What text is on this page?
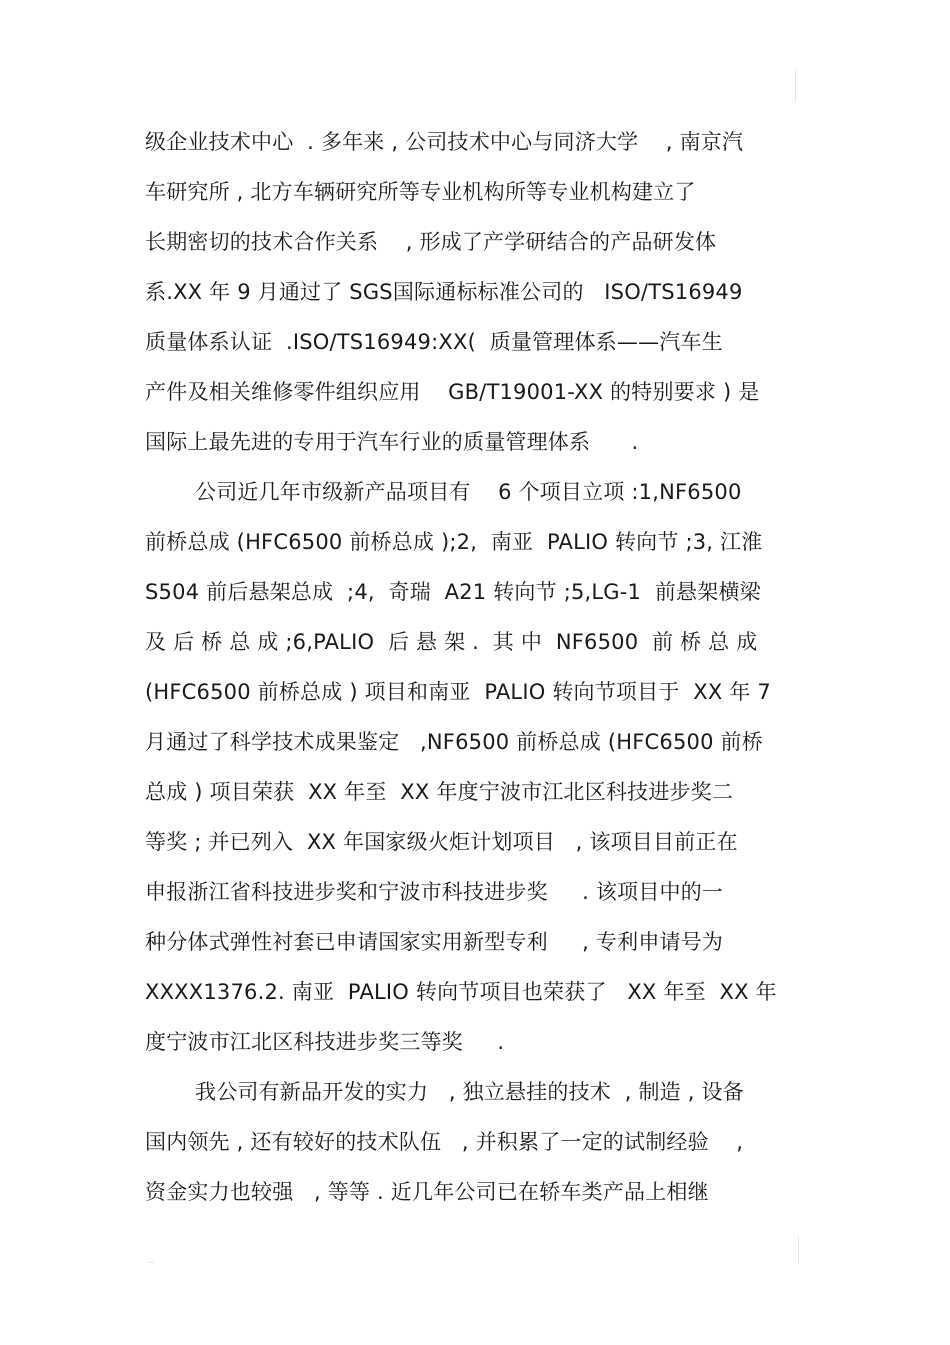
级企业技术中心  . 多年来 , 公司技术中心与同济大学    , 南京汽
车研究所 , 北方车辆研究所等专业机构所等专业机构建立了
长期密切的技术合作关系    , 形成了产学研结合的产品研发体
系.XX 年 9 月通过了 SGS国际通标标准公司的   ISO/TS16949
质量体系认证  .ISO/TS16949:XX(  质量管理体系——汽车生
产件及相关维修零件组织应用    GB/T19001-XX 的特别要求 ) 是
国际上最先进的专用于汽车行业的质量管理体系      .
公司近几年市级新产品项目有    6 个项目立项 :1,NF6500
前桥总成 (HFC6500 前桥总成 );2,  南亚  PALIO 转向节 ;3, 江淮
S504 前后悬架总成  ;4,  奇瑞  A21 转向节 ;5,LG-1  前悬架横梁
及 后 桥 总 成 ;6,PALIO  后 悬 架 .  其 中  NF6500  前 桥 总 成
(HFC6500 前桥总成 ) 项目和南亚  PALIO 转向节项目于  XX 年 7
月通过了科学技术成果鉴定   ,NF6500 前桥总成 (HFC6500 前桥
总成 ) 项目荣获  XX 年至  XX 年度宁波市江北区科技进步奖二
等奖 ; 并已列入  XX 年国家级火炬计划项目   , 该项目目前正在
申报浙江省科技进步奖和宁波市科技进步奖     . 该项目中的一
种分体式弹性衬套已申请国家实用新型专利     , 专利申请号为
XXXX1376.2. 南亚  PALIO 转向节项目也荣获了   XX 年至  XX 年
度宁波市江北区科技进步奖三等奖     .
我公司有新品开发的实力   , 独立悬挂的技术  , 制造 , 设备
国内领先 , 还有较好的技术队伍   , 并积累了一定的试制经验    ,
资金实力也较强   , 等等 . 近几年公司已在轿车类产品上相继
